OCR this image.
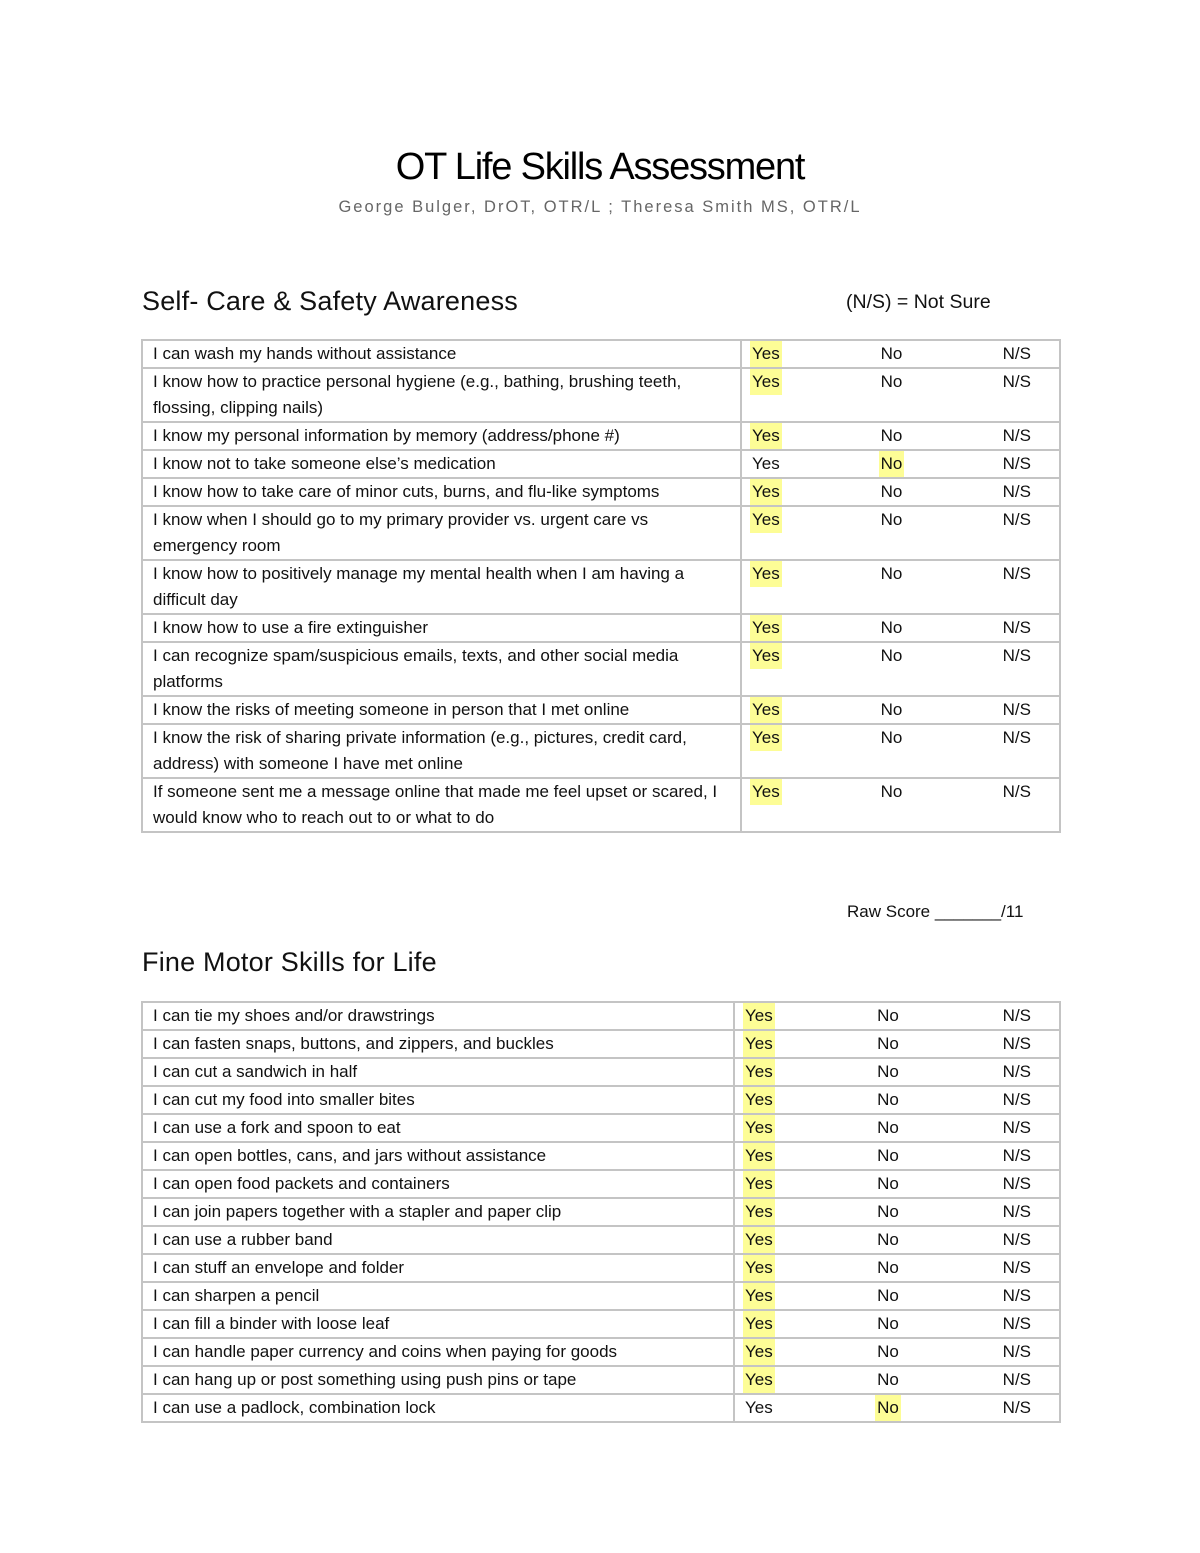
OT Life Skills Assessment
George Bulger, DrOT, OTR/L ; Theresa Smith MS, OTR/L
Self- Care & Safety Awareness	(N/S) = Not Sure
I can wash my hands without assistance	Yes No N/S

I know how to practice personal hygiene (e.g., bathing, brushing teeth, flossing, clipping nails)	Yes No N/S

I know my personal information by memory (address/phone #)	Yes No N/S

I know not to take someone else’s medication	Yes No N/S

I know how to take care of minor cuts, burns, and flu-like symptoms	Yes No N/S

I know when I should go to my primary provider vs. urgent care vs emergency room	Yes No N/S

I know how to positively manage my mental health when I am having a difficult day	Yes No N/S

I know how to use a fire extinguisher	Yes No N/S

I can recognize spam/suspicious emails, texts, and other social media platforms	Yes No N/S

I know the risks of meeting someone in person that I met online	Yes No N/S

I know the risk of sharing private information (e.g., pictures, credit card, address) with someone I have met online	Yes No N/S

If someone sent me a message online that made me feel upset or scared, I would know who to reach out to or what to do	Yes No N/S
Raw Score _______/11
Fine Motor Skills for Life
I can tie my shoes and/or drawstrings	Yes No N/S

I can fasten snaps, buttons, and zippers, and buckles	Yes No N/S

I can cut a sandwich in half	Yes No N/S

I can cut my food into smaller bites	Yes No N/S

I can use a fork and spoon to eat	Yes No N/S

I can open bottles, cans, and jars without assistance	Yes No N/S

I can open food packets and containers	Yes No N/S

I can join papers together with a stapler and paper clip	Yes No N/S

I can use a rubber band	Yes No N/S

I can stuff an envelope and folder	Yes No N/S

I can sharpen a pencil	Yes No N/S

I can fill a binder with loose leaf	Yes No N/S

I can handle paper currency and coins when paying for goods	Yes No N/S

I can hang up or post something using push pins or tape	Yes No N/S

I can use a padlock, combination lock	Yes No N/S
